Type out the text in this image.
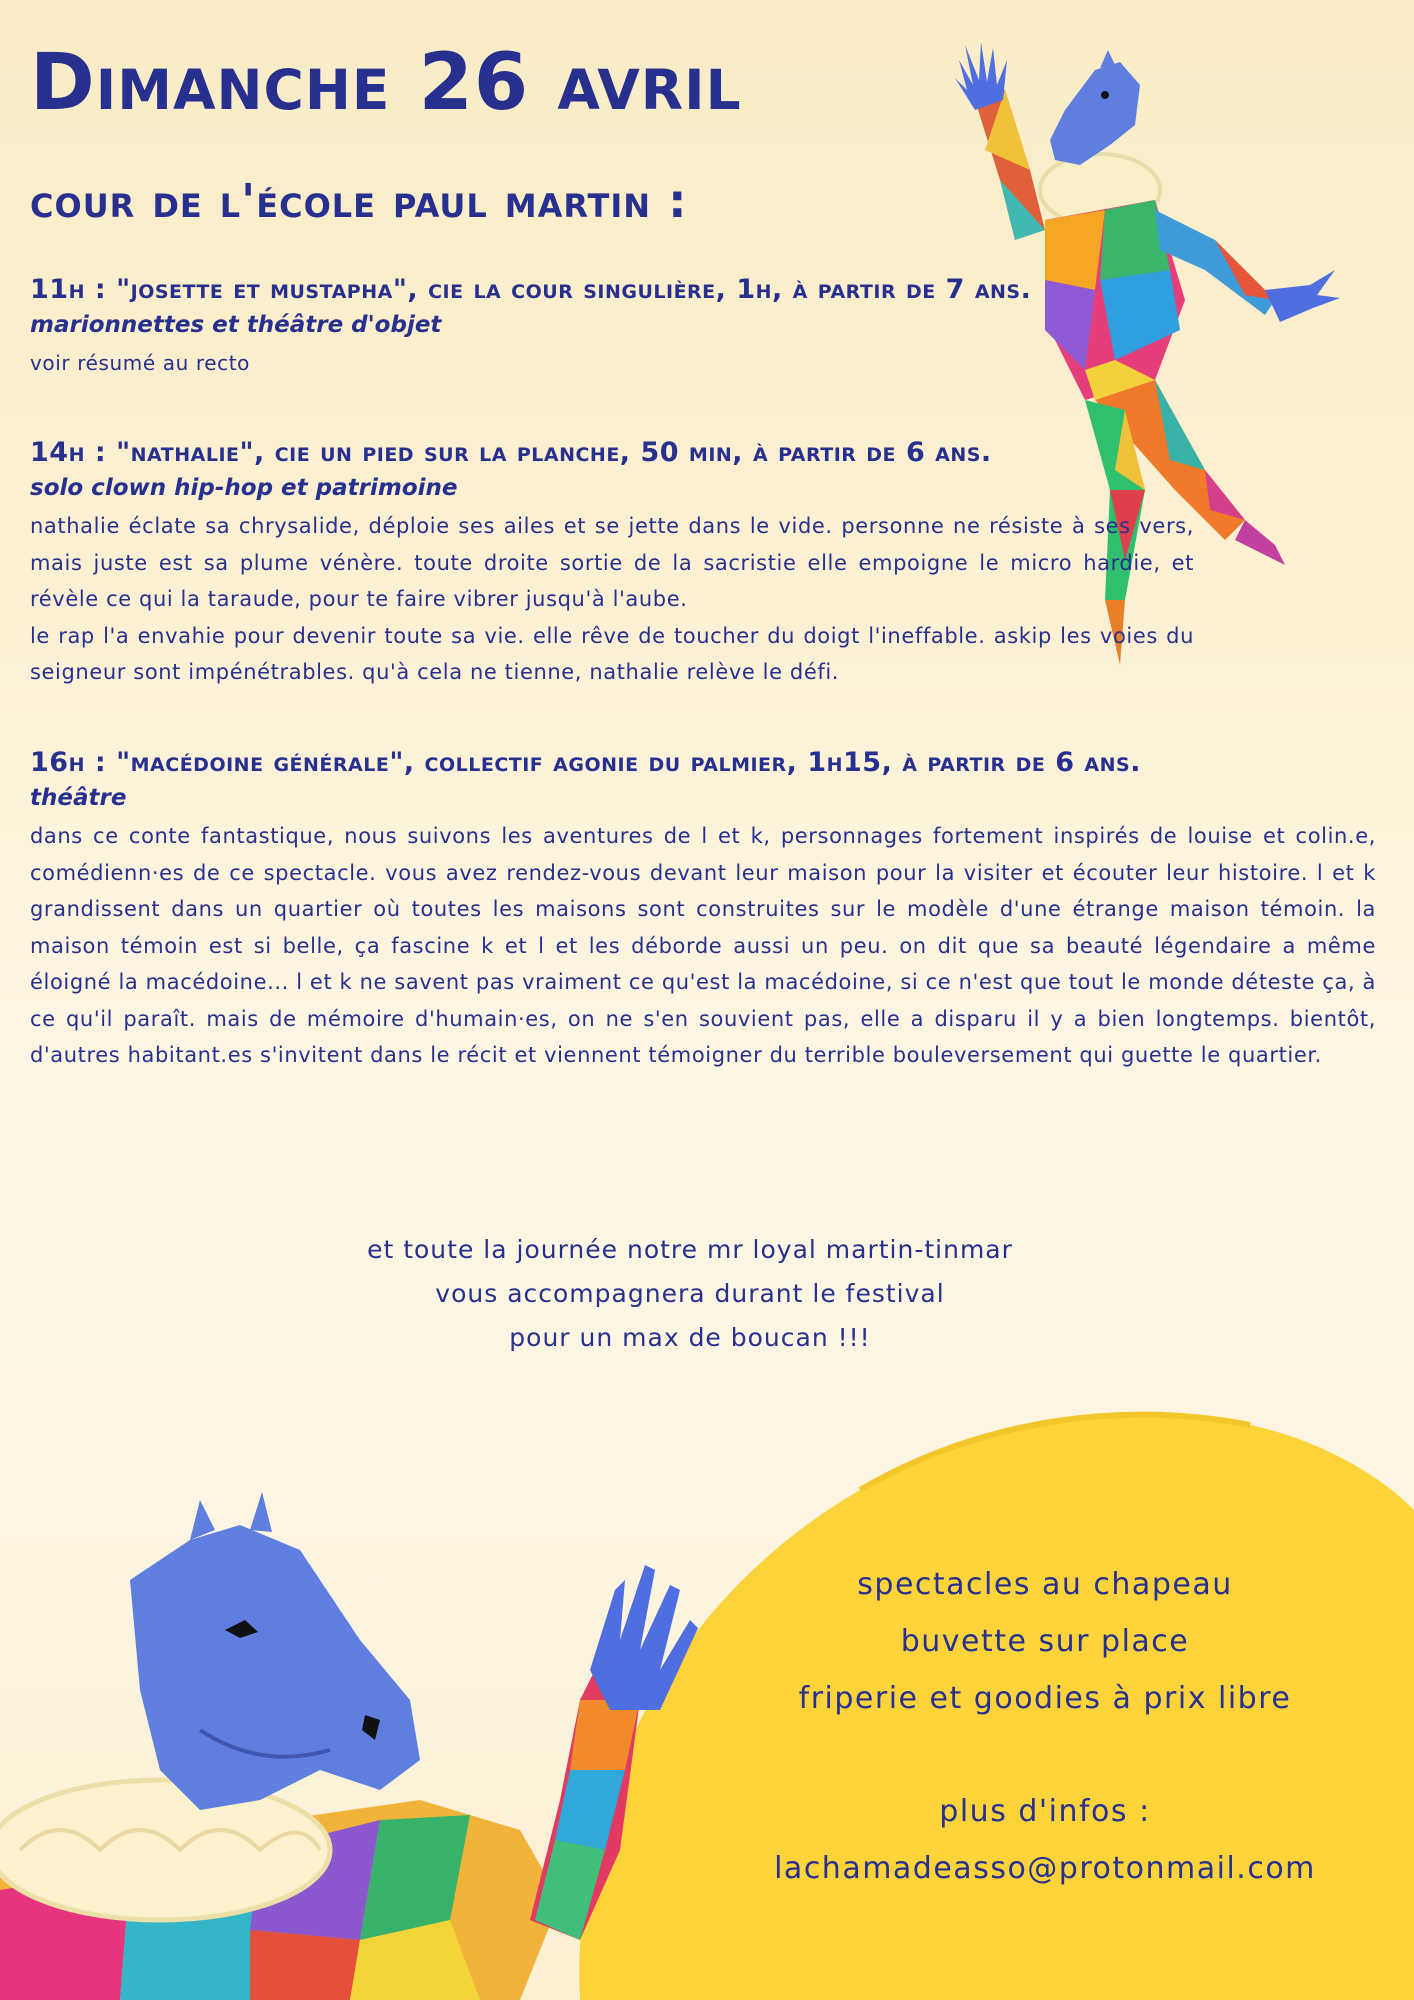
Dimanche 26 avril
cour de l'école paul martin :
11h : "josette et mustapha", cie la cour singulière, 1h, à partir de 7 ans.

marionnettes et théâtre d'objet

voir résumé au recto

14h : "nathalie", cie un pied sur la planche, 50 min, à partir de 6 ans.

solo clown hip-hop et patrimoine

nathalie éclate sa chrysalide, déploie ses ailes et se jette dans le vide. personne ne résiste à ses vers, mais juste est sa plume vénère. toute droite sortie de la sacristie elle empoigne le micro hardie, et révèle ce qui la taraude, pour te faire vibrer jusqu'à l'aube.

le rap l'a envahie pour devenir toute sa vie. elle rêve de toucher du doigt l'ineffable. askip les voies du seigneur sont impénétrables. qu'à cela ne tienne, nathalie relève le défi.

16h : "macédoine générale", collectif agonie du palmier, 1h15, à partir de 6 ans.

théâtre

dans ce conte fantastique, nous suivons les aventures de l et k, personnages fortement inspirés de louise et colin.e, comédienn·es de ce spectacle. vous avez rendez-vous devant leur maison pour la visiter et écouter leur histoire. l et k grandissent dans un quartier où toutes les maisons sont construites sur le modèle d'une étrange maison témoin. la maison témoin est si belle, ça fascine k et l et les déborde aussi un peu. on dit que sa beauté légendaire a même éloigné la macédoine... l et k ne savent pas vraiment ce qu'est la macédoine, si ce n'est que tout le monde déteste ça, à ce qu'il paraît. mais de mémoire d'humain·es, on ne s'en souvient pas, elle a disparu il y a bien longtemps. bientôt, d'autres habitant.es s'invitent dans le récit et viennent témoigner du terrible bouleversement qui guette le quartier.

et toute la journée notre mr loyal martin-tinmar

vous accompagnera durant le festival

pour un max de boucan !!!

spectacles au chapeau

buvette sur place

friperie et goodies à prix libre

plus d'infos :

lachamadeasso@protonmail.com
